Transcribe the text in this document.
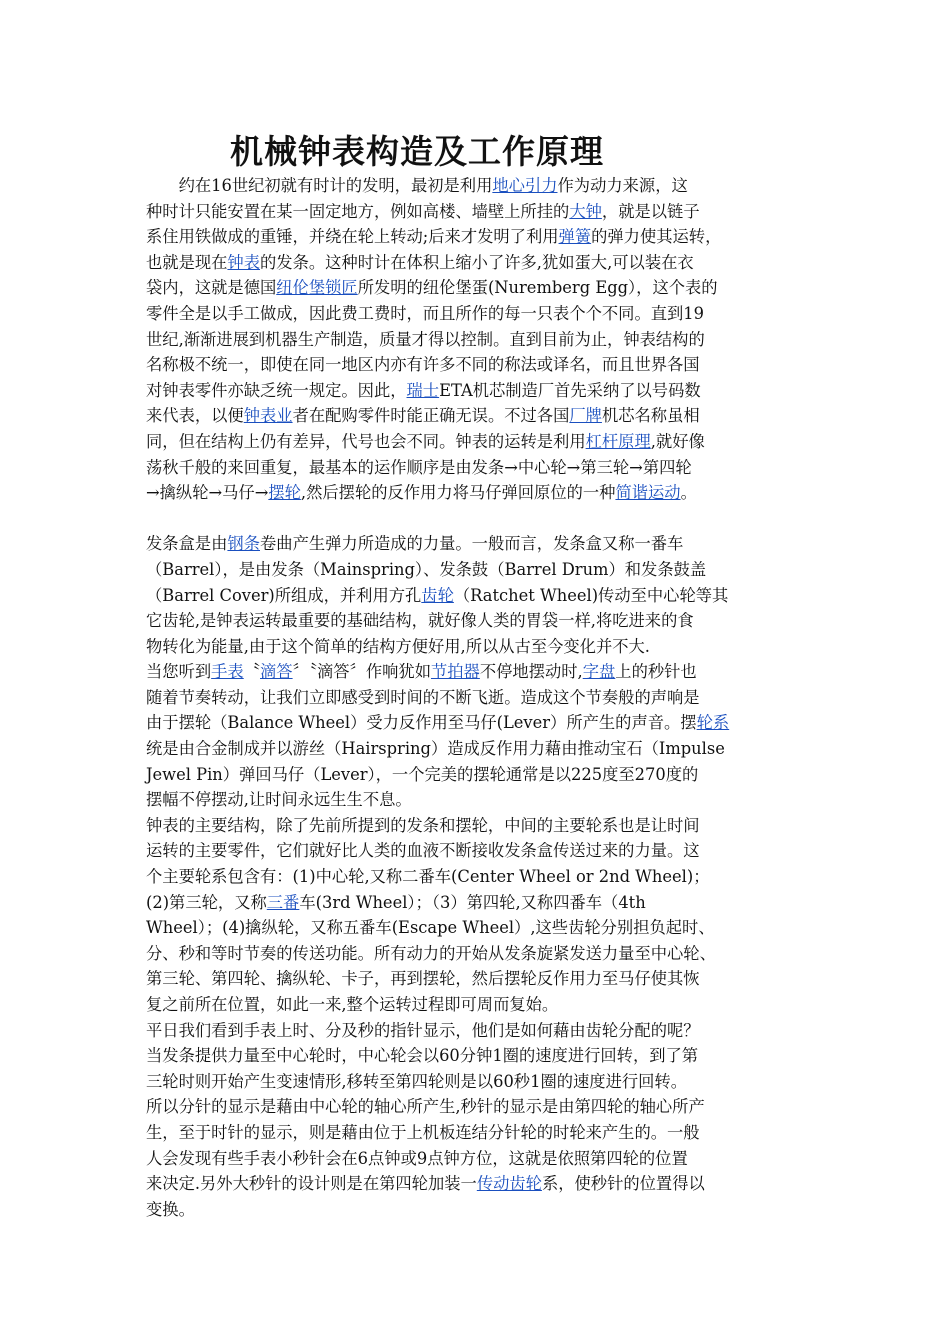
机械钟表构造及工作原理
　　约在16世纪初就有时计的发明，最初是利用地心引力作为动力来源，这
种时计只能安置在某一固定地方，例如高楼、墙壁上所挂的大钟，就是以链子
系住用铁做成的重锤，并绕在轮上转动;后来才发明了利用弹簧的弹力使其运转，
也就是现在钟表的发条。这种时计在体积上缩小了许多,犹如蛋大,可以装在衣
袋内，这就是德国纽伦堡锁匠所发明的纽伦堡蛋(Nuremberg Egg），这个表的
零件全是以手工做成，因此费工费时，而且所作的每一只表个个不同。直到19
世纪,渐渐进展到机器生产制造，质量才得以控制。直到目前为止，钟表结构的
名称极不统一，即使在同一地区内亦有许多不同的称法或译名，而且世界各国
对钟表零件亦缺乏统一规定。因此，瑞士ETA机芯制造厂首先采纳了以号码数
来代表，以便钟表业者在配购零件时能正确无误。不过各国厂牌机芯名称虽相
同，但在结构上仍有差异，代号也会不同。钟表的运转是利用杠杆原理,就好像
荡秋千般的来回重复，最基本的运作顺序是由发条→中心轮→第三轮→第四轮
→擒纵轮→马仔→摆轮,然后摆轮的反作用力将马仔弹回原位的一种简谐运动。
发条盒是由钢条卷曲产生弹力所造成的力量。一般而言，发条盒又称一番车
（Barrel），是由发条（Mainspring）、发条鼓（Barrel Drum）和发条鼓盖
（Barrel Cover)所组成，并利用方孔齿轮（Ratchet Wheel)传动至中心轮等其
它齿轮,是钟表运转最重要的基础结构，就好像人类的胃袋一样,将吃进来的食
物转化为能量,由于这个简单的结构方便好用,所以从古至今变化并不大.
当您听到手表〝滴答〞〝滴答〞作响犹如节拍器不停地摆动时,字盘上的秒针也
随着节奏转动，让我们立即感受到时间的不断飞逝。造成这个节奏般的声响是
由于摆轮（Balance Wheel）受力反作用至马仔(Lever）所产生的声音。摆轮系
统是由合金制成并以游丝（Hairspring）造成反作用力藉由推动宝石（Impulse
Jewel Pin）弹回马仔（Lever），一个完美的摆轮通常是以225度至270度的
摆幅不停摆动,让时间永远生生不息。
钟表的主要结构，除了先前所提到的发条和摆轮，中间的主要轮系也是让时间
运转的主要零件，它们就好比人类的血液不断接收发条盒传送过来的力量。这
个主要轮系包含有：(1)中心轮,又称二番车(Center Wheel or 2nd Wheel)；
(2)第三轮，又称三番车(3rd Wheel）；（3）第四轮,又称四番车（4th
Wheel）；(4)擒纵轮，又称五番车(Escape Wheel）,这些齿轮分别担负起时、
分、秒和等时节奏的传送功能。所有动力的开始从发条旋紧发送力量至中心轮、
第三轮、第四轮、擒纵轮、卡子，再到摆轮，然后摆轮反作用力至马仔使其恢
复之前所在位置，如此一来,整个运转过程即可周而复始。
平日我们看到手表上时、分及秒的指针显示，他们是如何藉由齿轮分配的呢？
当发条提供力量至中心轮时，中心轮会以60分钟1圈的速度进行回转，到了第
三轮时则开始产生变速情形,移转至第四轮则是以60秒1圈的速度进行回转。
所以分针的显示是藉由中心轮的轴心所产生,秒针的显示是由第四轮的轴心所产
生，至于时针的显示，则是藉由位于上机板连结分针轮的时轮来产生的。一般
人会发现有些手表小秒针会在6点钟或9点钟方位，这就是依照第四轮的位置
来决定.另外大秒针的设计则是在第四轮加装一传动齿轮系，使秒针的位置得以
变换。
